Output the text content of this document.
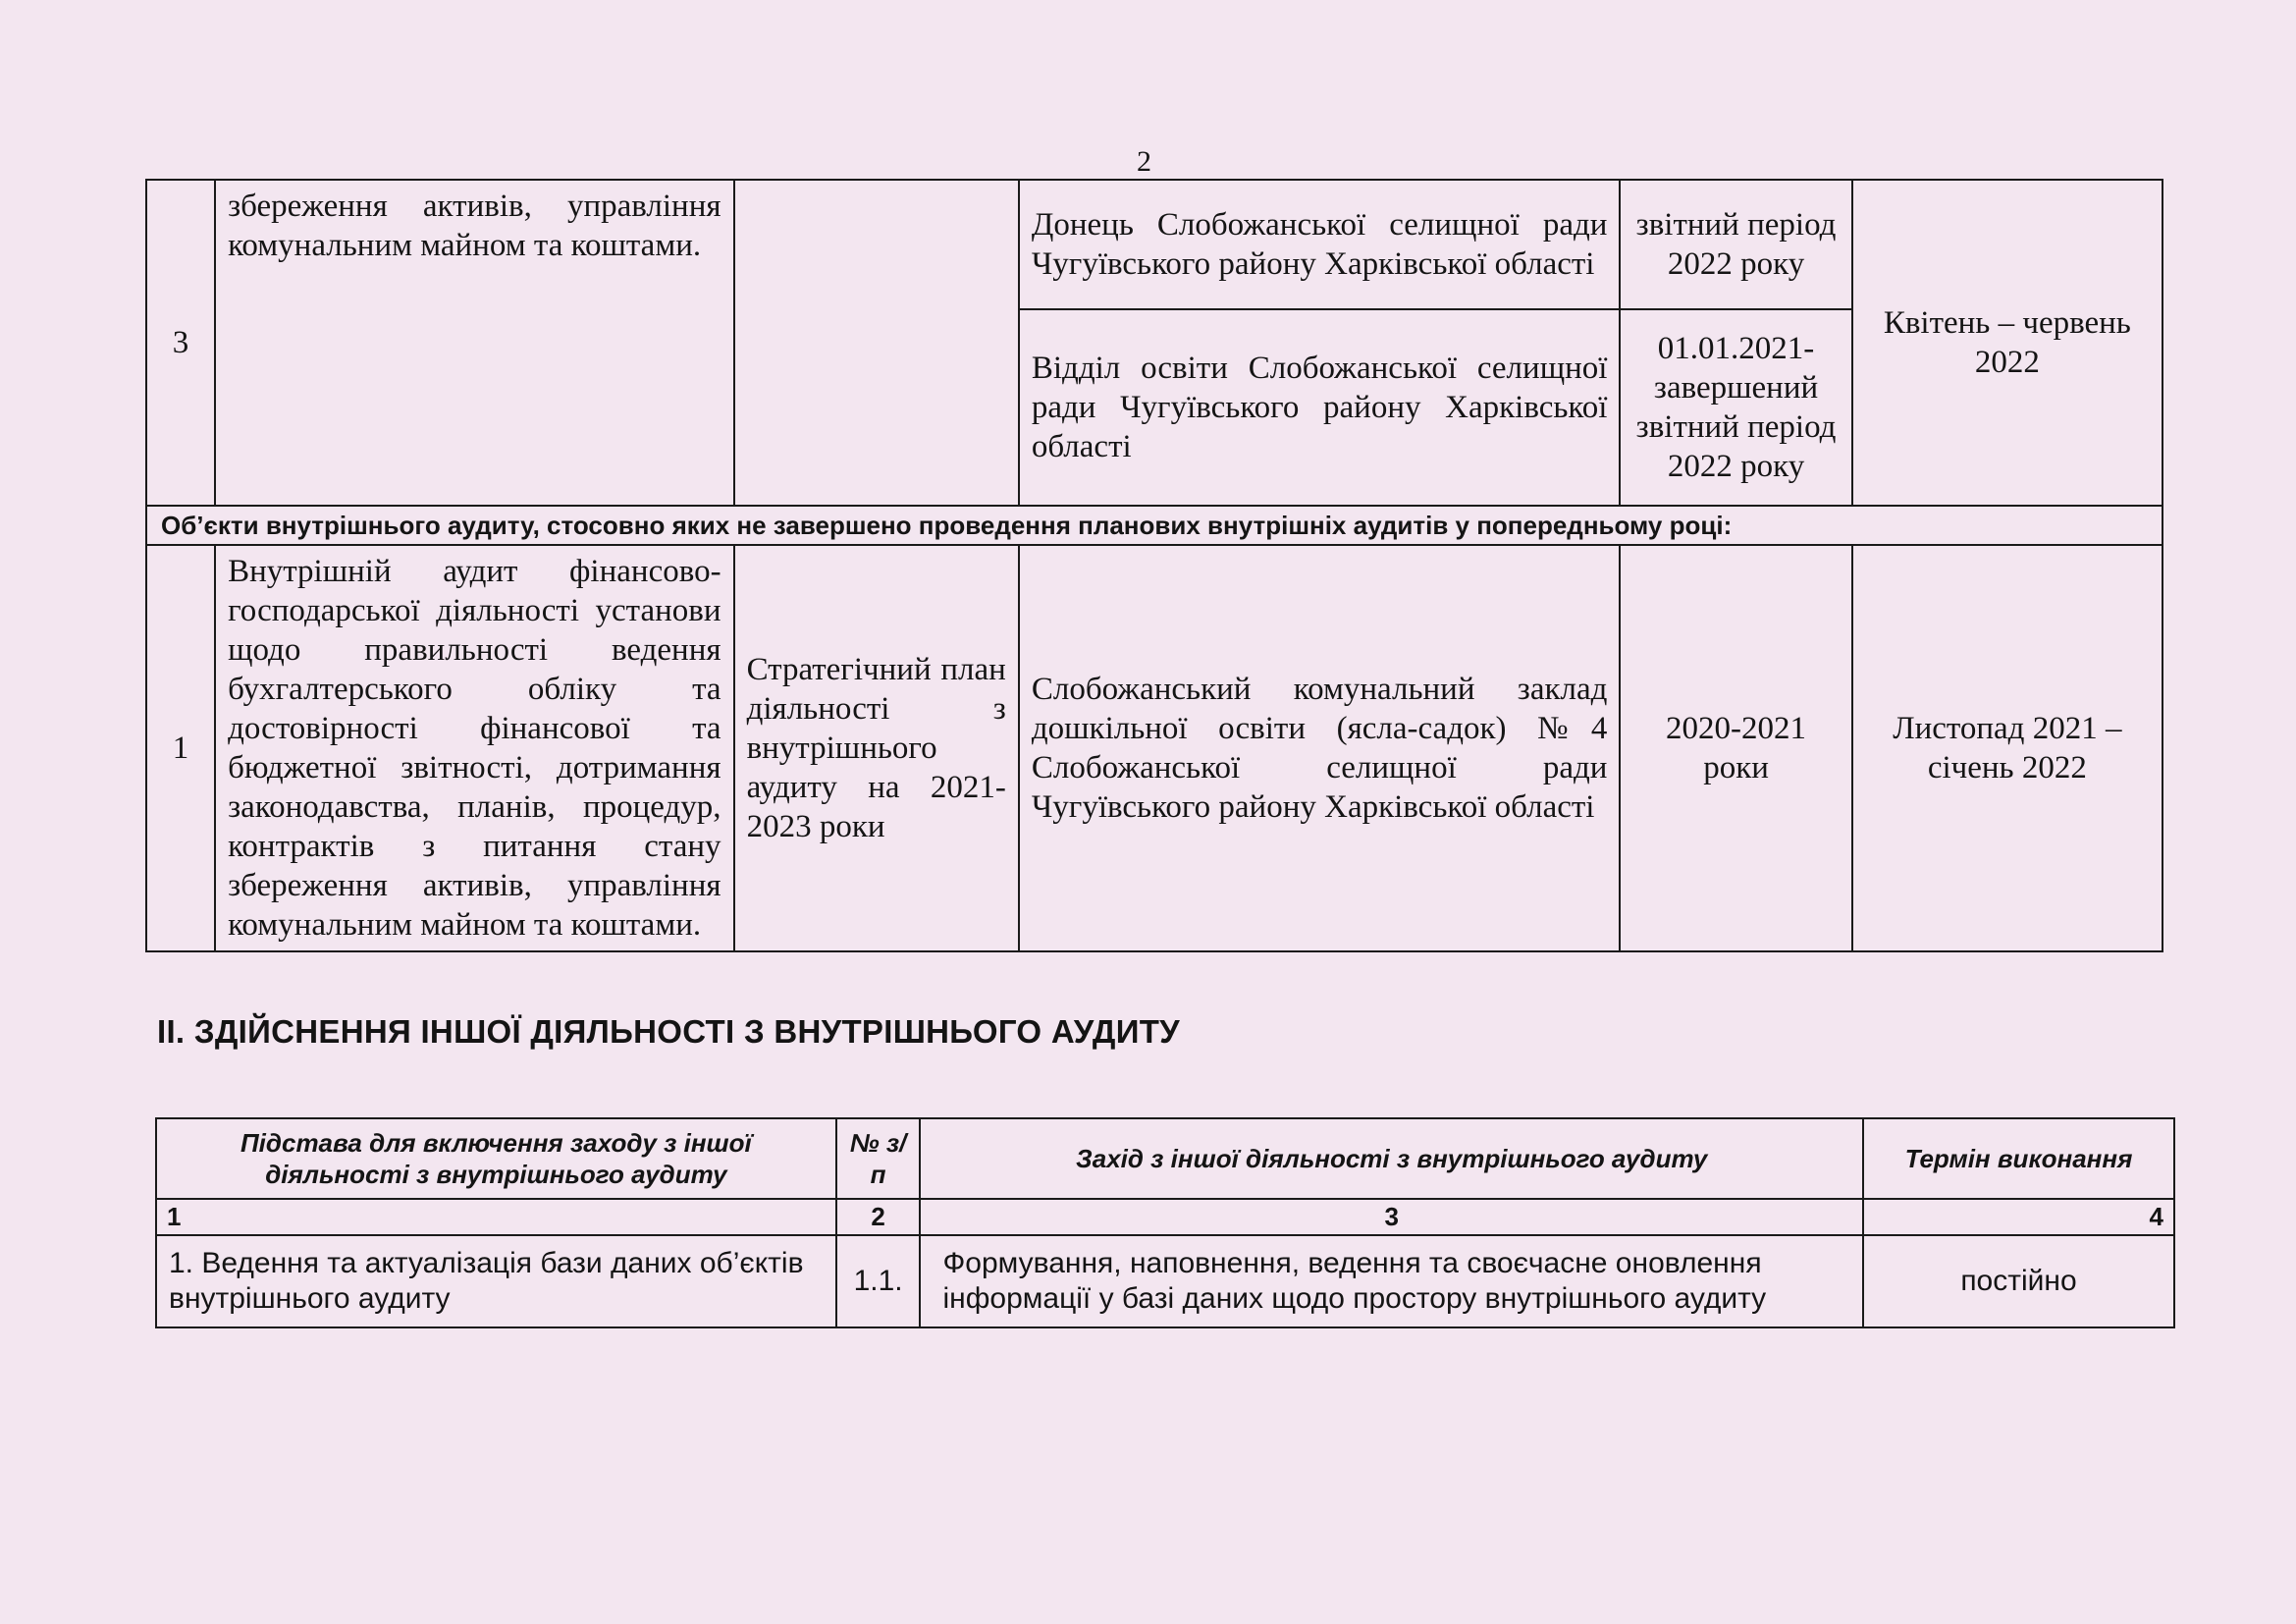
2
3	збереження активів, управління комунальним майном та коштами.		Донець Слобожанської селищної ради Чугуївського району Харківської області	звітний період 2022 року	Квітень – червень 2022
			Відділ освіти Слобожанської селищної ради Чугуївського району Харківської області	01.01.2021-завершений звітний період 2022 року	
Об’єкти внутрішнього аудиту, стосовно яких не завершено проведення планових внутрішніх аудитів у попередньому році:					
1	Внутрішній аудит фінансово-господарської діяльності установи щодо правильності ведення бухгалтерського обліку та достовірності фінансової та бюджетної звітності, дотримання законодавства, планів, процедур, контрактів з питання стану збереження активів, управління комунальним майном та коштами.	Стратегічний план діяльності з внутрішнього аудиту на 2021-2023 роки	Слобожанський комунальний заклад дошкільної освіти (ясла-садок) №4 Слобожанської селищної ради Чугуївського району Харківської області	2020-2021 роки	Листопад 2021 – січень 2022
ІІ. ЗДІЙСНЕННЯ ІНШОЇ ДІЯЛЬНОСТІ З ВНУТРІШНЬОГО АУДИТУ
Підстава для включення заходу з іншої діяльності з внутрішнього аудиту	№ з/п	Захід з іншої діяльності з внутрішнього аудиту	Термін виконання
1	2	3	4
1. Ведення та актуалізація бази даних об’єктів внутрішнього аудиту	1.1.	Формування, наповнення, ведення та своєчасне оновлення інформації у базі даних щодо простору внутрішнього аудиту	постійно
